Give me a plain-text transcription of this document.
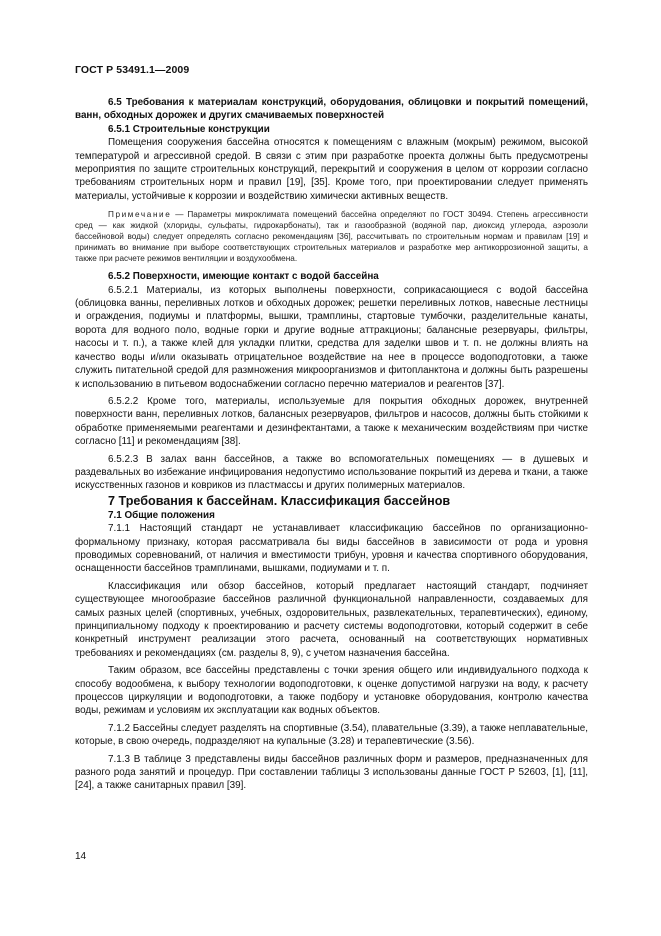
ГОСТ Р 53491.1—2009

6.5 Требования к материалам конструкций, оборудования, облицовки и покрытий помещений, ванн, обходных дорожек и других смачиваемых поверхностей

6.5.1 Строительные конструкции

Помещения сооружения бассейна относятся к помещениям с влажным (мокрым) режимом, высокой температурой и агрессивной средой. В связи с этим при разработке проекта должны быть предусмотрены мероприятия по защите строительных конструкций, перекрытий и сооружения в целом от коррозии согласно требованиям строительных норм и правил [19], [35]. Кроме того, при проектировании следует применять материалы, устойчивые к коррозии и воздействию химически активных веществ.

Примечание — Параметры микроклимата помещений бассейна определяют по ГОСТ 30494. Степень агрессивности сред — как жидкой (хлориды, сульфаты, гидрокарбонаты), так и газообразной (водяной пар, диоксид углерода, аэрозоли бассейновой воды) следует определять согласно рекомендациям [36], рассчитывать по строительным нормам и правилам [19] и принимать во внимание при выборе соответствующих строительных материалов и разработке мер антикоррозионной защиты, а также при расчете режимов вентиляции и воздухообмена.

6.5.2 Поверхности, имеющие контакт с водой бассейна

6.5.2.1 Материалы, из которых выполнены поверхности, соприкасающиеся с водой бассейна (облицовка ванны, переливных лотков и обходных дорожек; решетки переливных лотков, навесные лестницы и ограждения, подиумы и платформы, вышки, трамплины, стартовые тумбочки, разделительные канаты, ворота для водного поло, водные горки и другие водные аттракционы; балансные резервуары, фильтры, насосы и т. п.), а также клей для укладки плитки, средства для заделки швов и т. п. не должны влиять на качество воды и/или оказывать отрицательное воздействие на нее в процессе водоподготовки, а также служить питательной средой для размножения микроорганизмов и фитопланктона и должны быть разрешены к использованию в питьевом водоснабжении согласно перечню материалов и реагентов [37].

6.5.2.2 Кроме того, материалы, используемые для покрытия обходных дорожек, внутренней поверхности ванн, переливных лотков, балансных резервуаров, фильтров и насосов, должны быть стойкими к обработке применяемыми реагентами и дезинфектантами, а также к механическим воздействиям при чистке согласно [11] и рекомендациям [38].

6.5.2.3 В залах ванн бассейнов, а также во вспомогательных помещениях — в душевых и раздевальных во избежание инфицирования недопустимо использование покрытий из дерева и ткани, а также искусственных газонов и ковриков из пластмассы и других полимерных материалов.

7 Требования к бассейнам. Классификация бассейнов

7.1 Общие положения

7.1.1 Настоящий стандарт не устанавливает классификацию бассейнов по организационно-формальному признаку, которая рассматривала бы виды бассейнов в зависимости от рода и уровня проводимых соревнований, от наличия и вместимости трибун, уровня и качества спортивного оборудования, оснащенности бассейнов трамплинами, вышками, подиумами и т. п.

Классификация или обзор бассейнов, который предлагает настоящий стандарт, подчиняет существующее многообразие бассейнов различной функциональной направленности, создаваемых для самых разных целей (спортивных, учебных, оздоровительных, развлекательных, терапевтических), единому, принципиальному подходу к проектированию и расчету системы водоподготовки, который содержит в себе конкретный инструмент реализации этого расчета, основанный на соответствующих нормативных требованиях и рекомендациях (см. разделы 8, 9), с учетом назначения бассейна.

Таким образом, все бассейны представлены с точки зрения общего или индивидуального подхода к способу водообмена, к выбору технологии водоподготовки, к оценке допустимой нагрузки на воду, к расчету процессов циркуляции и водоподготовки, а также подбору и установке оборудования, контролю качества воды, режимам и условиям их эксплуатации как водных объектов.

7.1.2 Бассейны следует разделять на спортивные (3.54), плавательные (3.39), а также неплавательные, которые, в свою очередь, подразделяют на купальные (3.28) и терапевтические (3.56).

7.1.3 В таблице 3 представлены виды бассейнов различных форм и размеров, предназначенных для разного рода занятий и процедур. При составлении таблицы 3 использованы данные ГОСТ Р 52603, [1], [11], [24], а также санитарных правил [39].

14
